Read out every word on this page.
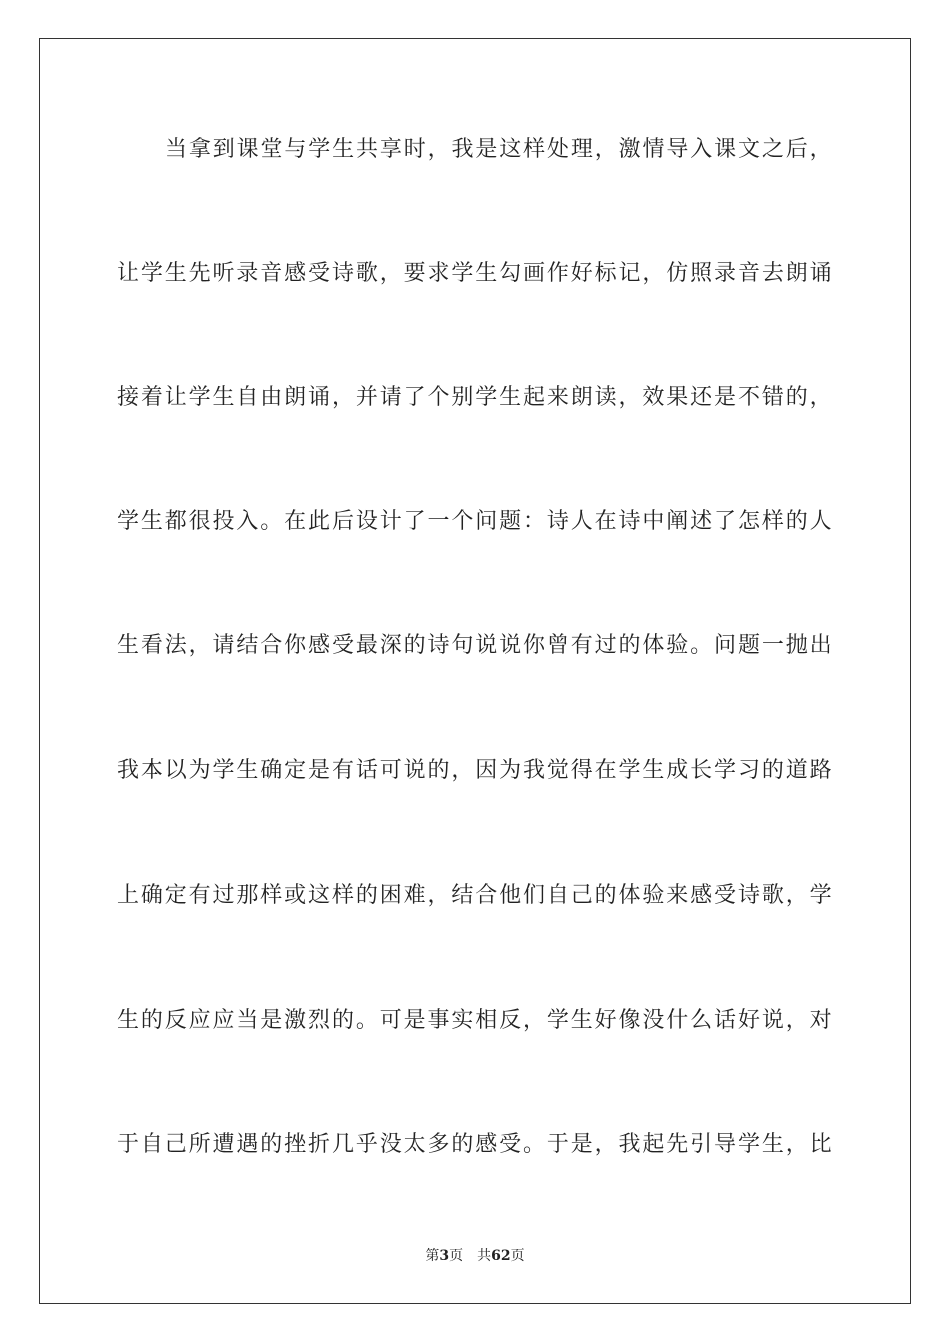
当拿到课堂与学生共享时，我是这样处理，激情导入课文之后，
让学生先听录音感受诗歌，要求学生勾画作好标记，仿照录音去朗诵
接着让学生自由朗诵，并请了个别学生起来朗读，效果还是不错的，
学生都很投入。在此后设计了一个问题：诗人在诗中阐述了怎样的人
生看法，请结合你感受最深的诗句说说你曾有过的体验。问题一抛出
我本以为学生确定是有话可说的，因为我觉得在学生成长学习的道路
上确定有过那样或这样的困难，结合他们自己的体验来感受诗歌，学
生的反应应当是激烈的。可是事实相反，学生好像没什么话好说，对
于自己所遭遇的挫折几乎没太多的感受。于是，我起先引导学生，比
第3页 共62页
